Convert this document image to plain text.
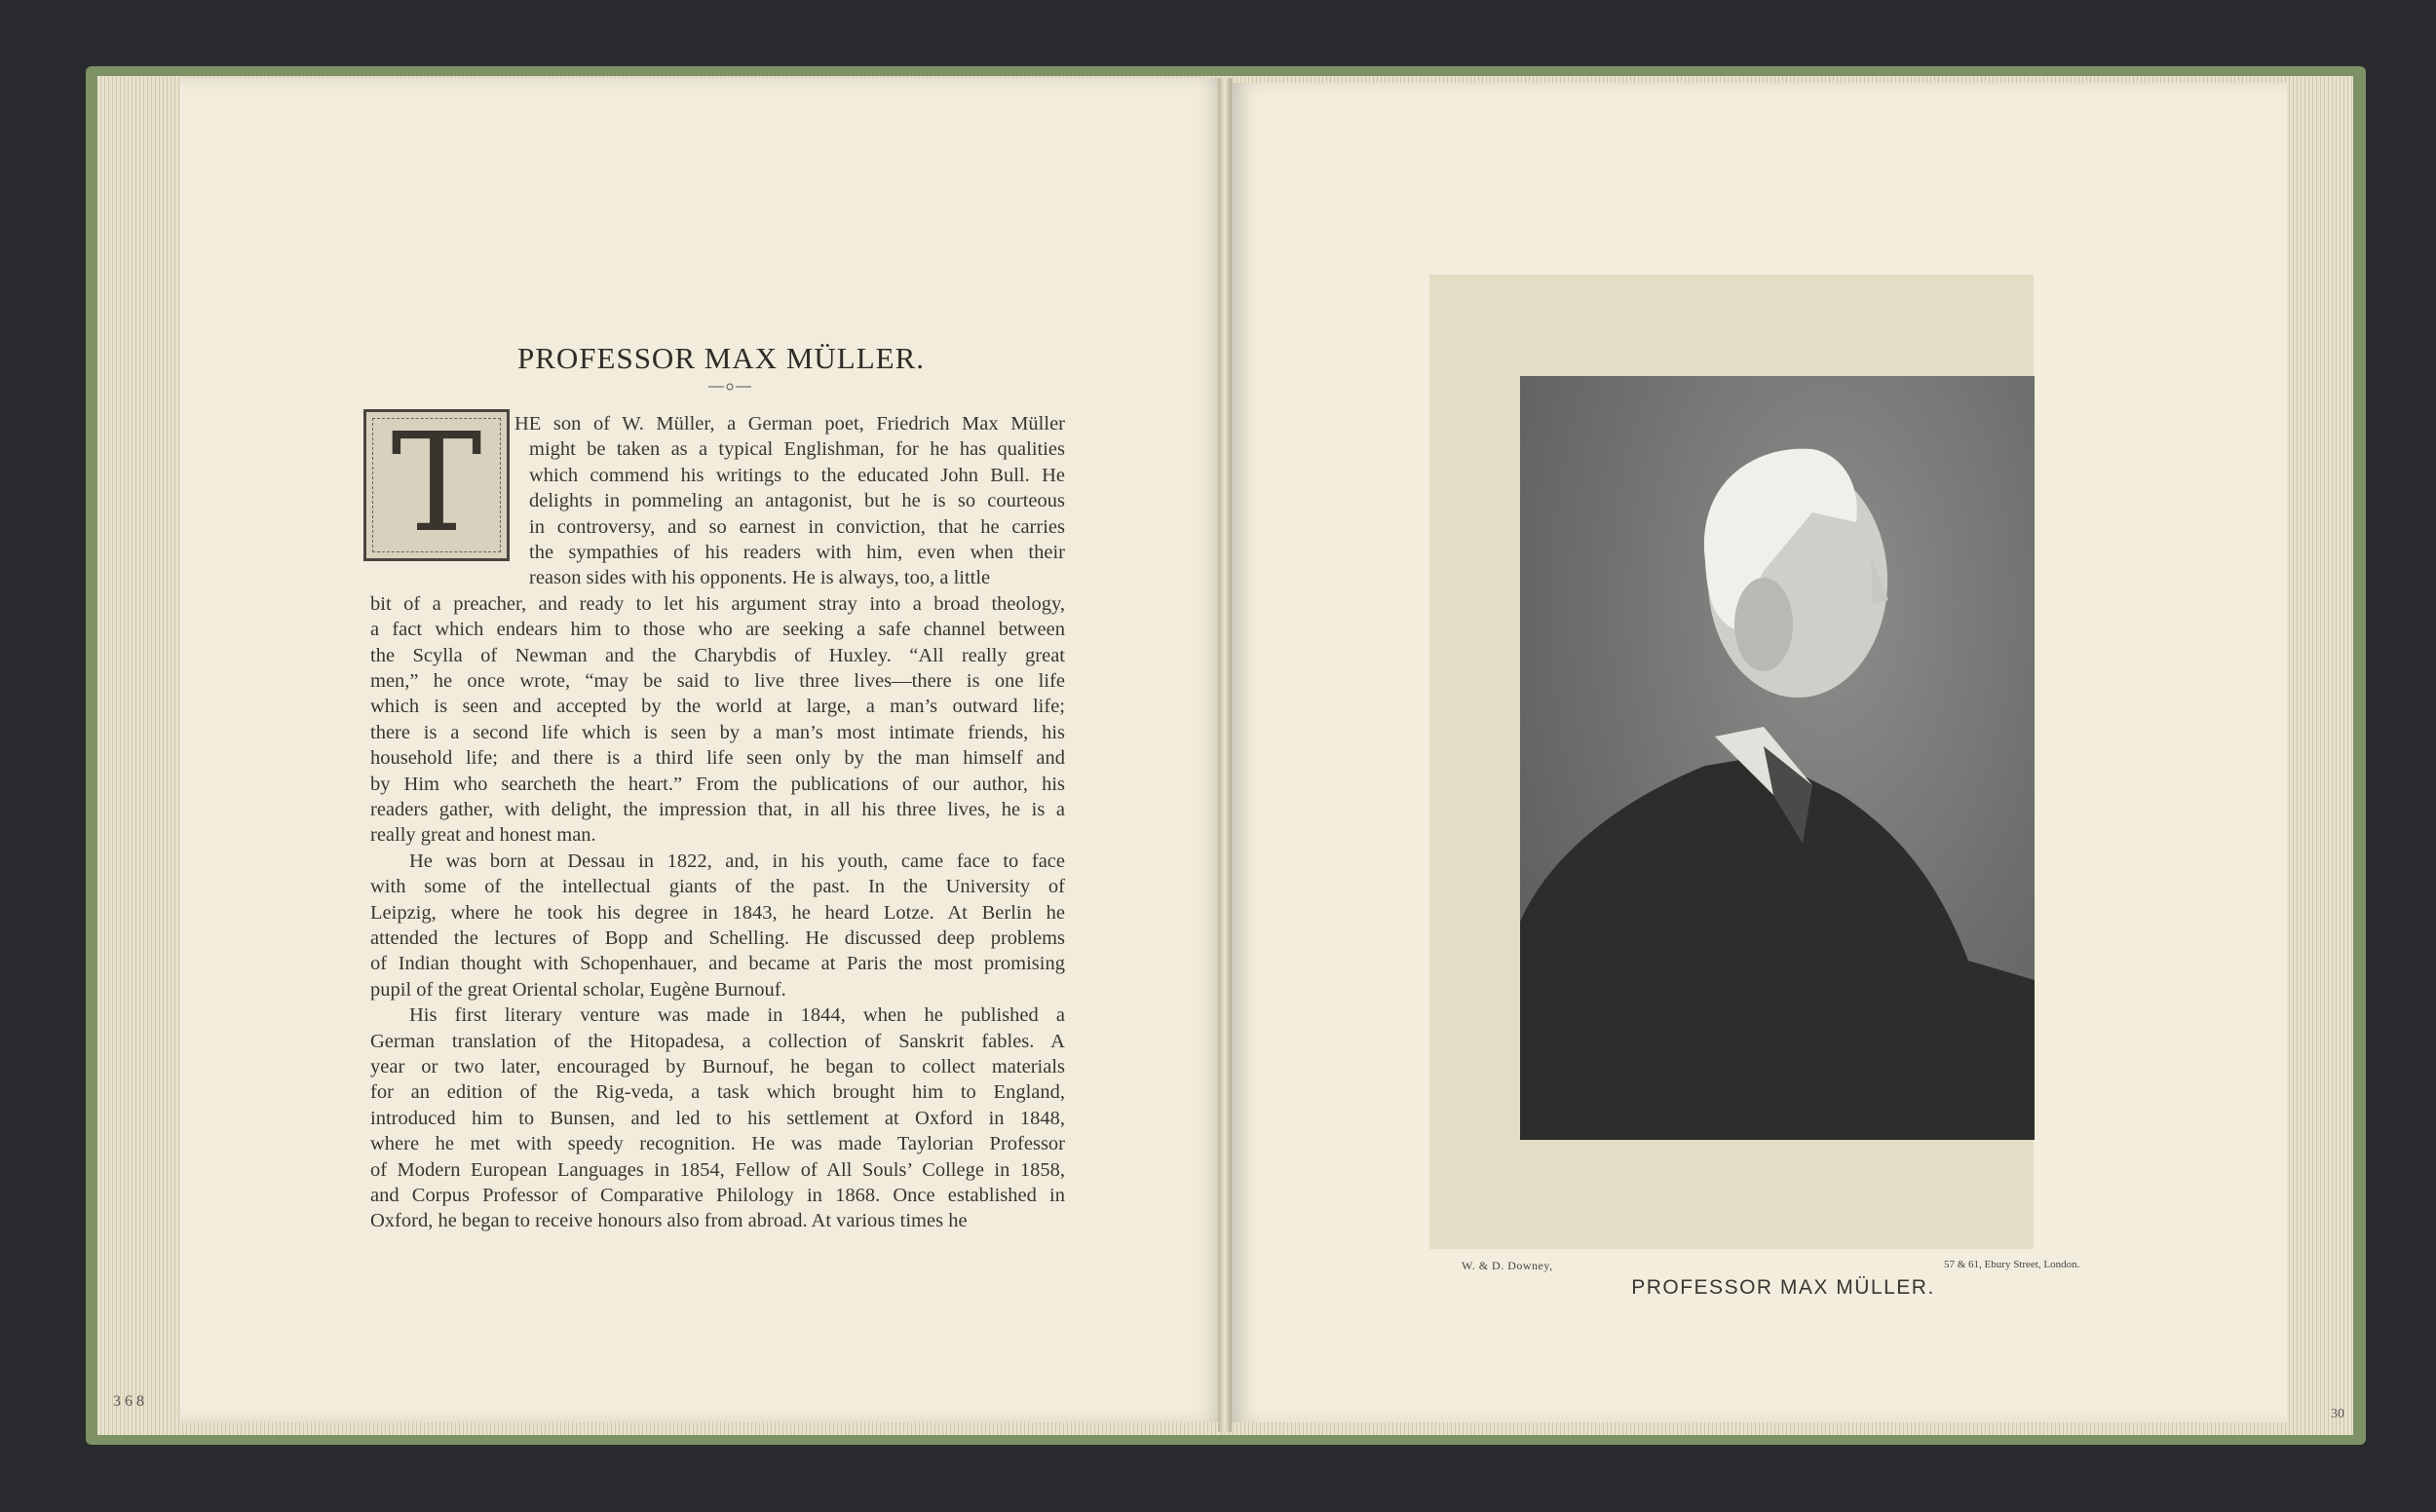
PROFESSOR MAX MÜLLER.
T	HE son of W. Müller, a German poet, Friedrich Max Müller
might be taken as a typical Englishman, for he has qualities
which commend his writings to the educated John Bull. He
delights in pommeling an antagonist, but he is so courteous
in controversy, and so earnest in conviction, that he carries
the sympathies of his readers with him, even when their
reason sides with his opponents. He is always, too, a little
bit of a preacher, and ready to let his argument stray into a broad theology,
a fact which endears him to those who are seeking a safe channel between
the Scylla of Newman and the Charybdis of Huxley. “All really great
men,” he once wrote, “may be said to live three lives—there is one life
which is seen and accepted by the world at large, a man’s outward life;
there is a second life which is seen by a man’s most intimate friends, his
household life; and there is a third life seen only by the man himself and
by Him who searcheth the heart.” From the publications of our author, his
readers gather, with delight, the impression that, in all his three lives, he is a
really great and honest man.
He was born at Dessau in 1822, and, in his youth, came face to face
with some of the intellectual giants of the past. In the University of
Leipzig, where he took his degree in 1843, he heard Lotze. At Berlin he
attended the lectures of Bopp and Schelling. He discussed deep problems
of Indian thought with Schopenhauer, and became at Paris the most promising
pupil of the great Oriental scholar, Eugène Burnouf.
His first literary venture was made in 1844, when he published a
German translation of the Hitopadesa, a collection of Sanskrit fables. A
year or two later, encouraged by Burnouf, he began to collect materials
for an edition of the Rig-veda, a task which brought him to England,
introduced him to Bunsen, and led to his settlement at Oxford in 1848,
where he met with speedy recognition. He was made Taylorian Professor
of Modern European Languages in 1854, Fellow of All Souls’ College in 1858,
and Corpus Professor of Comparative Philology in 1868. Once established in
Oxford, he began to receive honours also from abroad. At various times he
W. & D. Downey,	57 & 61, Ebury Street, London.
PROFESSOR MAX MÜLLER.
3 6 8
30
